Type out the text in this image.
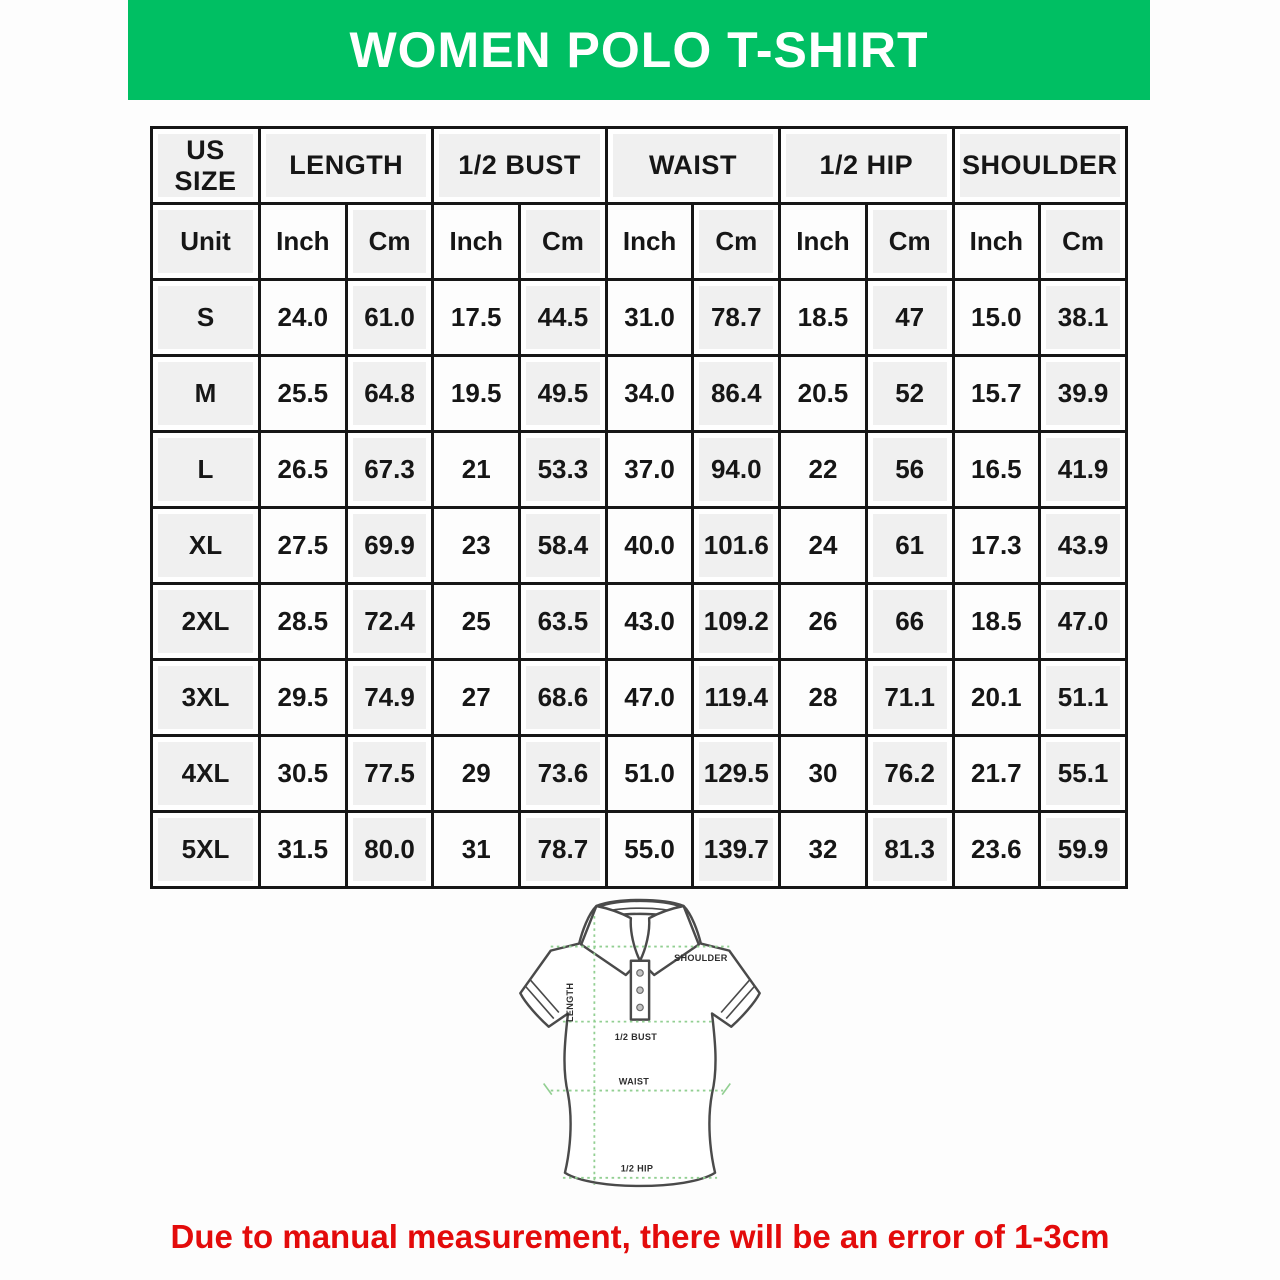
WOMEN POLO T-SHIRT
US SIZE	LENGTH		1/2 BUST		WAIST		1/2 HIP		SHOULDER	
Unit	Inch	Cm	Inch	Cm	Inch	Cm	Inch	Cm	Inch	Cm
S	24.0	61.0	17.5	44.5	31.0	78.7	18.5	47	15.0	38.1
M	25.5	64.8	19.5	49.5	34.0	86.4	20.5	52	15.7	39.9
L	26.5	67.3	21	53.3	37.0	94.0	22	56	16.5	41.9
XL	27.5	69.9	23	58.4	40.0	101.6	24	61	17.3	43.9
2XL	28.5	72.4	25	63.5	43.0	109.2	26	66	18.5	47.0
3XL	29.5	74.9	27	68.6	47.0	119.4	28	71.1	20.1	51.1
4XL	30.5	77.5	29	73.6	51.0	129.5	30	76.2	21.7	55.1
5XL	31.5	80.0	31	78.7	55.0	139.7	32	81.3	23.6	59.9
SHOULDER
LENGTH
1/2 BUST
WAIST
1/2 HIP

Due to manual measurement, there will be an error of 1-3cm
